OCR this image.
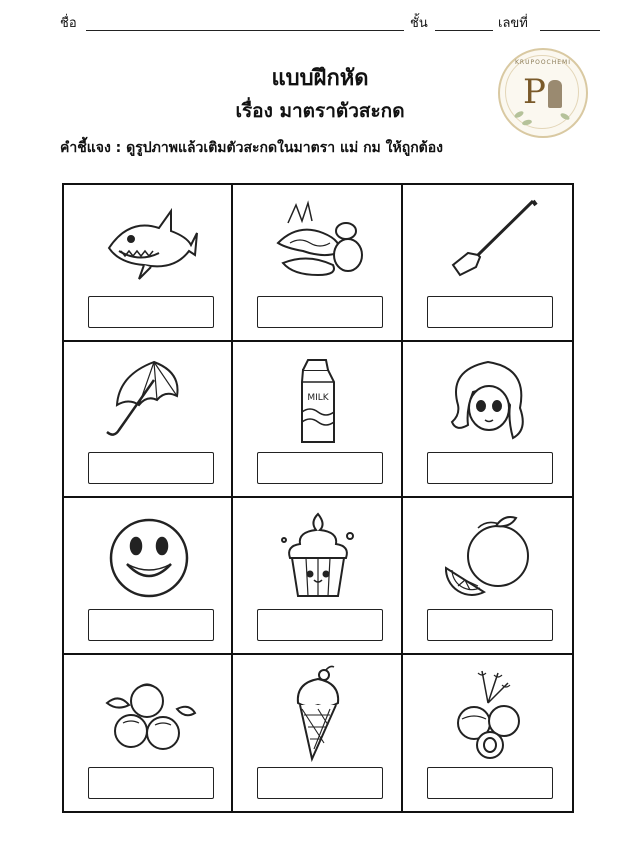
ชื่อ	ชั้น	เลขที่
แบบฝึกหัด
เรื่อง มาตราตัวสะกด
คำชี้แจง : ดูรูปภาพแล้วเติมตัวสะกดในมาตรา แม่ กม ให้ถูกต้อง
KRUPOOCHEMI
P
MILK
